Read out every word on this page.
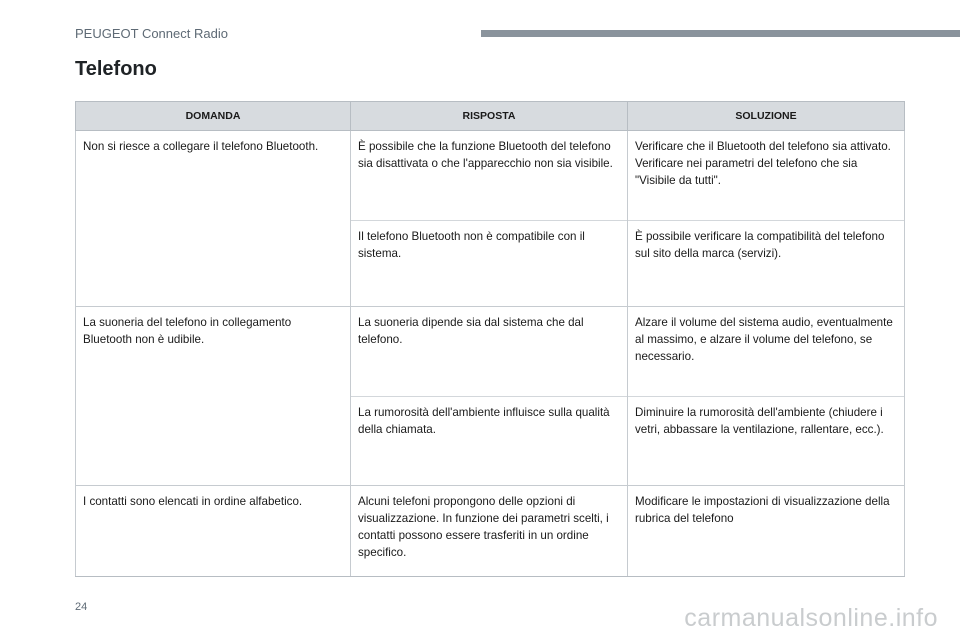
PEUGEOT Connect Radio
Telefono
DOMANDA	RISPOSTA	SOLUZIONE
Non si riesce a collegare il telefono Bluetooth.	È possibile che la funzione Bluetooth del telefono sia disattivata o che l'apparecchio non sia visibile.	Verificare che il Bluetooth del telefono sia attivato.
Verificare nei parametri del telefono che sia "Visibile da tutti".
	Il telefono Bluetooth non è compatibile con il sistema.	È possibile verificare la compatibilità del telefono sul sito della marca (servizi).
La suoneria del telefono in collegamento Bluetooth non è udibile.	La suoneria dipende sia dal sistema che dal telefono.	Alzare il volume del sistema audio, eventualmente al massimo, e alzare il volume del telefono, se necessario.
	La rumorosità dell'ambiente influisce sulla qualità della chiamata.	Diminuire la rumorosità dell'ambiente (chiudere i vetri, abbassare la ventilazione, rallentare, ecc.).
I contatti sono elencati in ordine alfabetico.	Alcuni telefoni propongono delle opzioni di visualizzazione. In funzione dei parametri scelti, i contatti possono essere trasferiti in un ordine specifico.	Modificare le impostazioni di visualizzazione della rubrica del telefono
24	carmanualsonline.info
